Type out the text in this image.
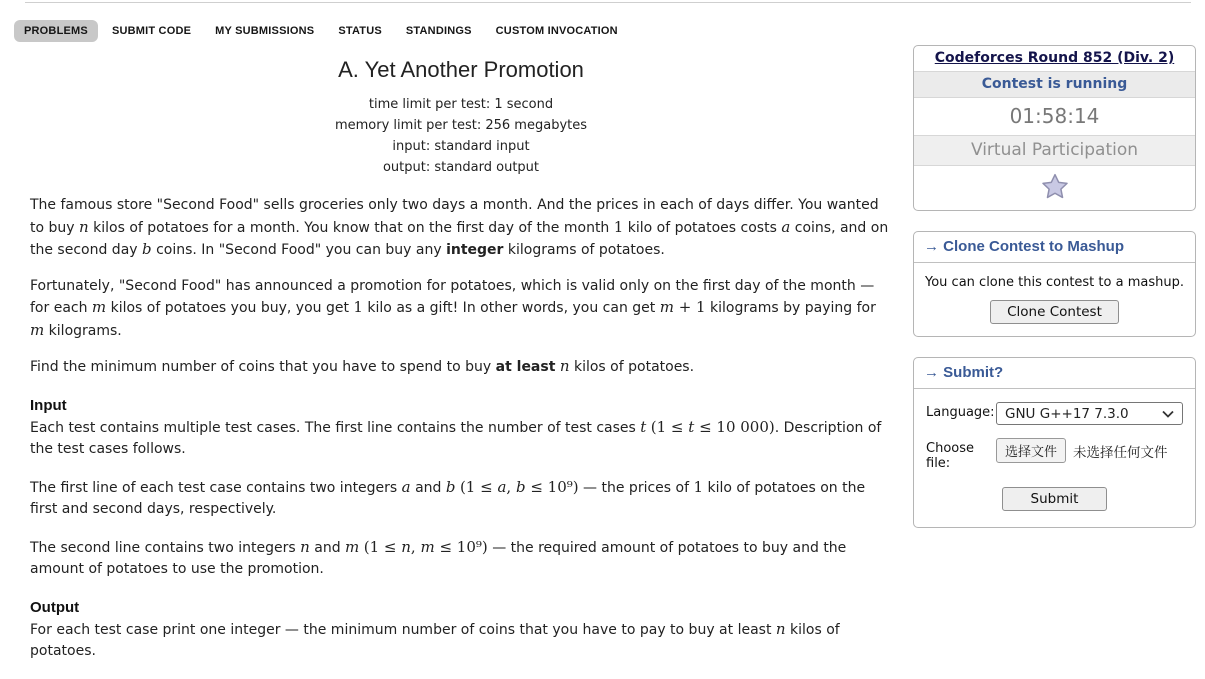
PROBLEMS	SUBMIT CODE	MY SUBMISSIONS	STATUS	STANDINGS	CUSTOM INVOCATION
A. Yet Another Promotion
time limit per test: 1 second
memory limit per test: 256 megabytes
input: standard input
output: standard output

The famous store "Second Food" sells groceries only two days a month. And the prices in each of days differ. You wanted to buy n kilos of potatoes for a month. You know that on the first day of the month 1 kilo of potatoes costs a coins, and on the second day b coins. In "Second Food" you can buy any integer kilograms of potatoes.

Fortunately, "Second Food" has announced a promotion for potatoes, which is valid only on the first day of the month — for each m kilos of potatoes you buy, you get 1 kilo as a gift! In other words, you can get m + 1 kilograms by paying for m kilograms.

Find the minimum number of coins that you have to spend to buy at least n kilos of potatoes.

Input

Each test contains multiple test cases. The first line contains the number of test cases t (1 ≤ t ≤ 10 000). Description of the test cases follows.

The first line of each test case contains two integers a and b (1 ≤ a, b ≤ 10⁹) — the prices of 1 kilo of potatoes on the first and second days, respectively.

The second line contains two integers n and m (1 ≤ n, m ≤ 10⁹) — the required amount of potatoes to buy and the amount of potatoes to use the promotion.

Output

For each test case print one integer — the minimum number of coins that you have to pay to buy at least n kilos of potatoes.

Codeforces Round 852 (Div. 2)
Contest is running
01:58:14
Virtual Participation
→ Clone Contest to Mashup
You can clone this contest to a mashup.
Clone Contest
→ Submit?
Language: GNU G++17 7.3.0
Choose file:
选择文件	未选择任何文件
Submit
